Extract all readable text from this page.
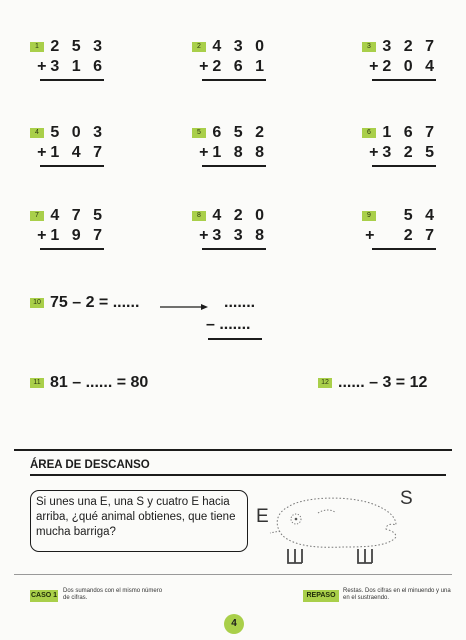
1 2 5 3
+3 1 6
2 4 3 0
+2 6 1
3 3 2 7
+2 0 4
4 5 0 3
+1 4 7
5 6 5 2
+1 8 8
6 1 6 7
+3 2 5
7 4 7 5
+1 9 7
8 4 2 0
+3 3 8
9	5 4
+   2 7
10 75 – 2 = ......	.......
– .......
11 81 – ...... = 80	12 ...... – 3 = 12
ÁREA DE DESCANSO
Si unes una E, una S y cuatro E hacia arriba, ¿qué animal obtienes, que tiene mucha barriga?
E
S
CASO 1
Dos sumandos con el mismo número de cifras.	REPASO
Restas. Dos cifras en el minuendo y una en el sustraendo.
4
